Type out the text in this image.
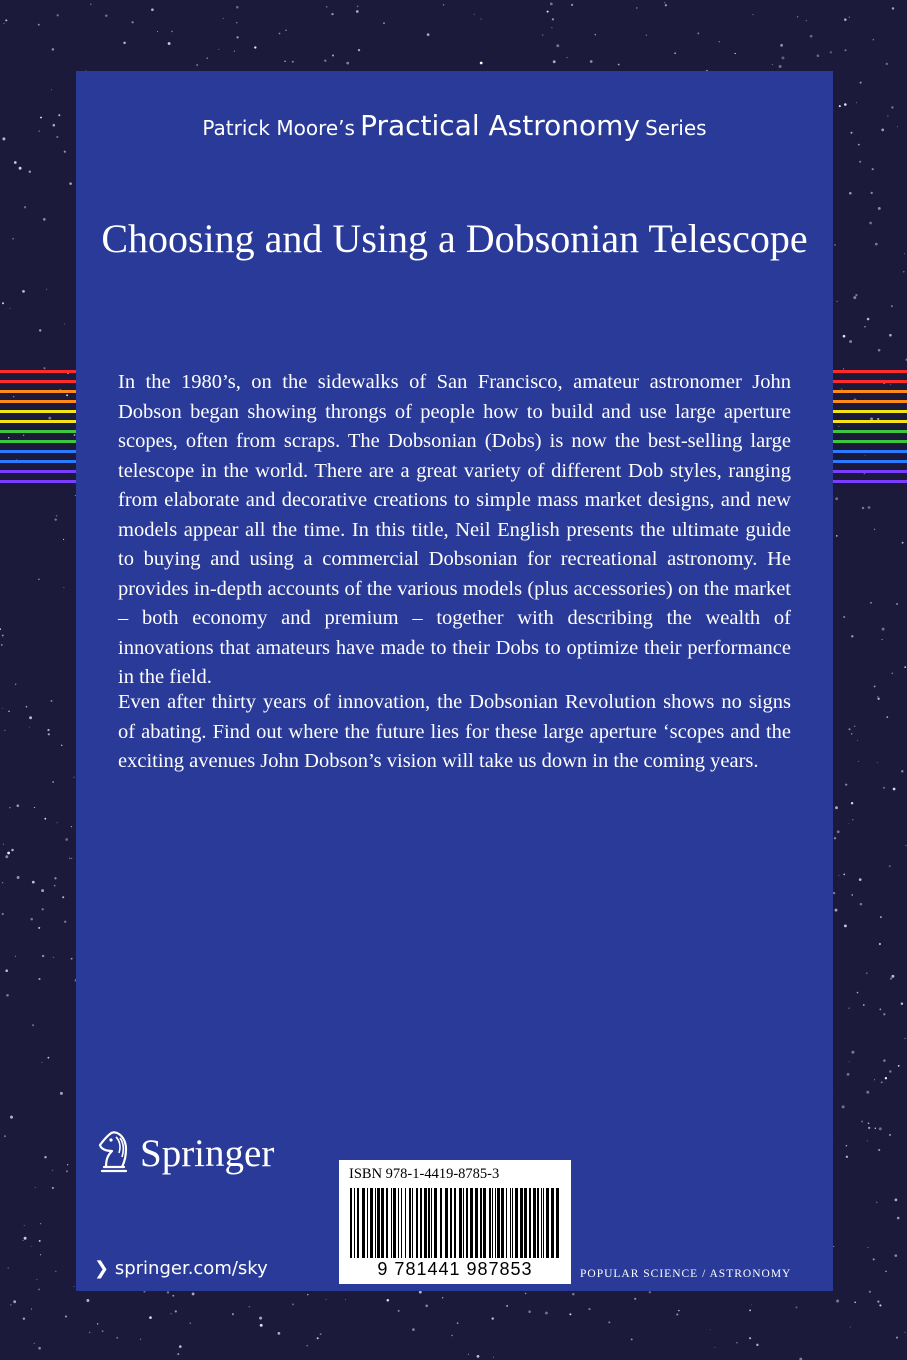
Patrick Moore’s Practical Astronomy Series
Choosing and Using a Dobsonian Telescope

In the 1980’s, on the sidewalks of San Francisco, amateur astronomer John Dobson began showing throngs of people how to build and use large aperture scopes, often from scraps. The Dobsonian (Dobs) is now the best-selling large telescope in the world. There are a great variety of different Dob styles, ranging from elaborate and decorative creations to simple mass market designs, and new models appear all the time. In this title, Neil English presents the ultimate guide to buying and using a commercial Dobsonian for recreational astronomy. He provides in-depth accounts of the various models (plus accessories) on the market – both economy and premium – together with describing the wealth of innovations that amateurs have made to their Dobs to optimize their performance in the field.

Even after thirty years of innovation, the Dobsonian Revolution shows no signs of abating. Find out where the future lies for these large aperture ‘scopes and the exciting avenues John Dobson’s vision will take us down in the coming years.

Springer
❯ springer.com/sky
ISBN 978-1-4419-8785-3
9 781441 987853	POPULAR SCIENCE / ASTRONOMY
